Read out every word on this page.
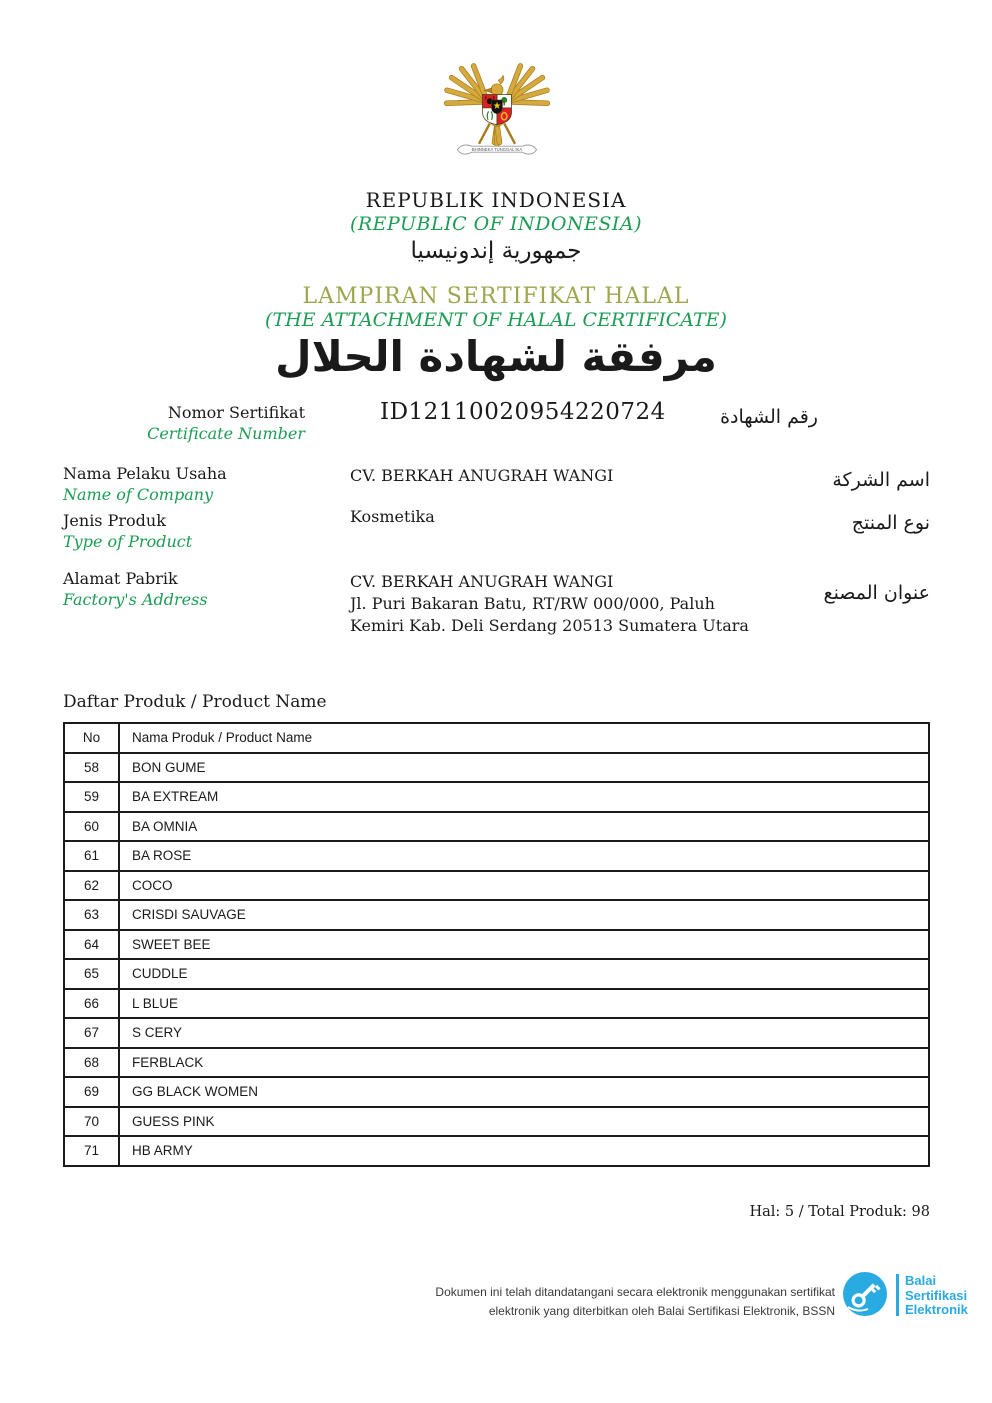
BHINNEKA TUNGGAL IKA
REPUBLIK INDONESIA
(REPUBLIC OF INDONESIA)
جمهورية إندونيسيا
LAMPIRAN SERTIFIKAT HALAL
(THE ATTACHMENT OF HALAL CERTIFICATE)
مرفقة لشهادة الحلال
Nomor Sertifikat
Certificate Number
ID12110020954220724	رقم الشهادة
Nama Pelaku Usaha
Name of Company
CV. BERKAH ANUGRAH WANGI	اسم الشركة
Jenis Produk
Type of Product
Kosmetika	نوع المنتج
Alamat Pabrik
Factory's Address
CV. BERKAH ANUGRAH WANGI
Jl. Puri Bakaran Batu, RT/RW 000/000, Paluh
Kemiri Kab. Deli Serdang 20513 Sumatera Utara
عنوان المصنع
Daftar Produk / Product Name
No	Nama Produk / Product Name
58	BON GUME
59	BA EXTREAM
60	BA OMNIA
61	BA ROSE
62	COCO
63	CRISDI SAUVAGE
64	SWEET BEE
65	CUDDLE
66	L BLUE
67	S CERY
68	FERBLACK
69	GG BLACK WOMEN
70	GUESS PINK
71	HB ARMY
Hal: 5 / Total Produk: 98
Dokumen ini telah ditandatangani secara elektronik menggunakan sertifikat
elektronik yang diterbitkan oleh Balai Sertifikasi Elektronik, BSSN
Balai
Sertifikasi
Elektronik
